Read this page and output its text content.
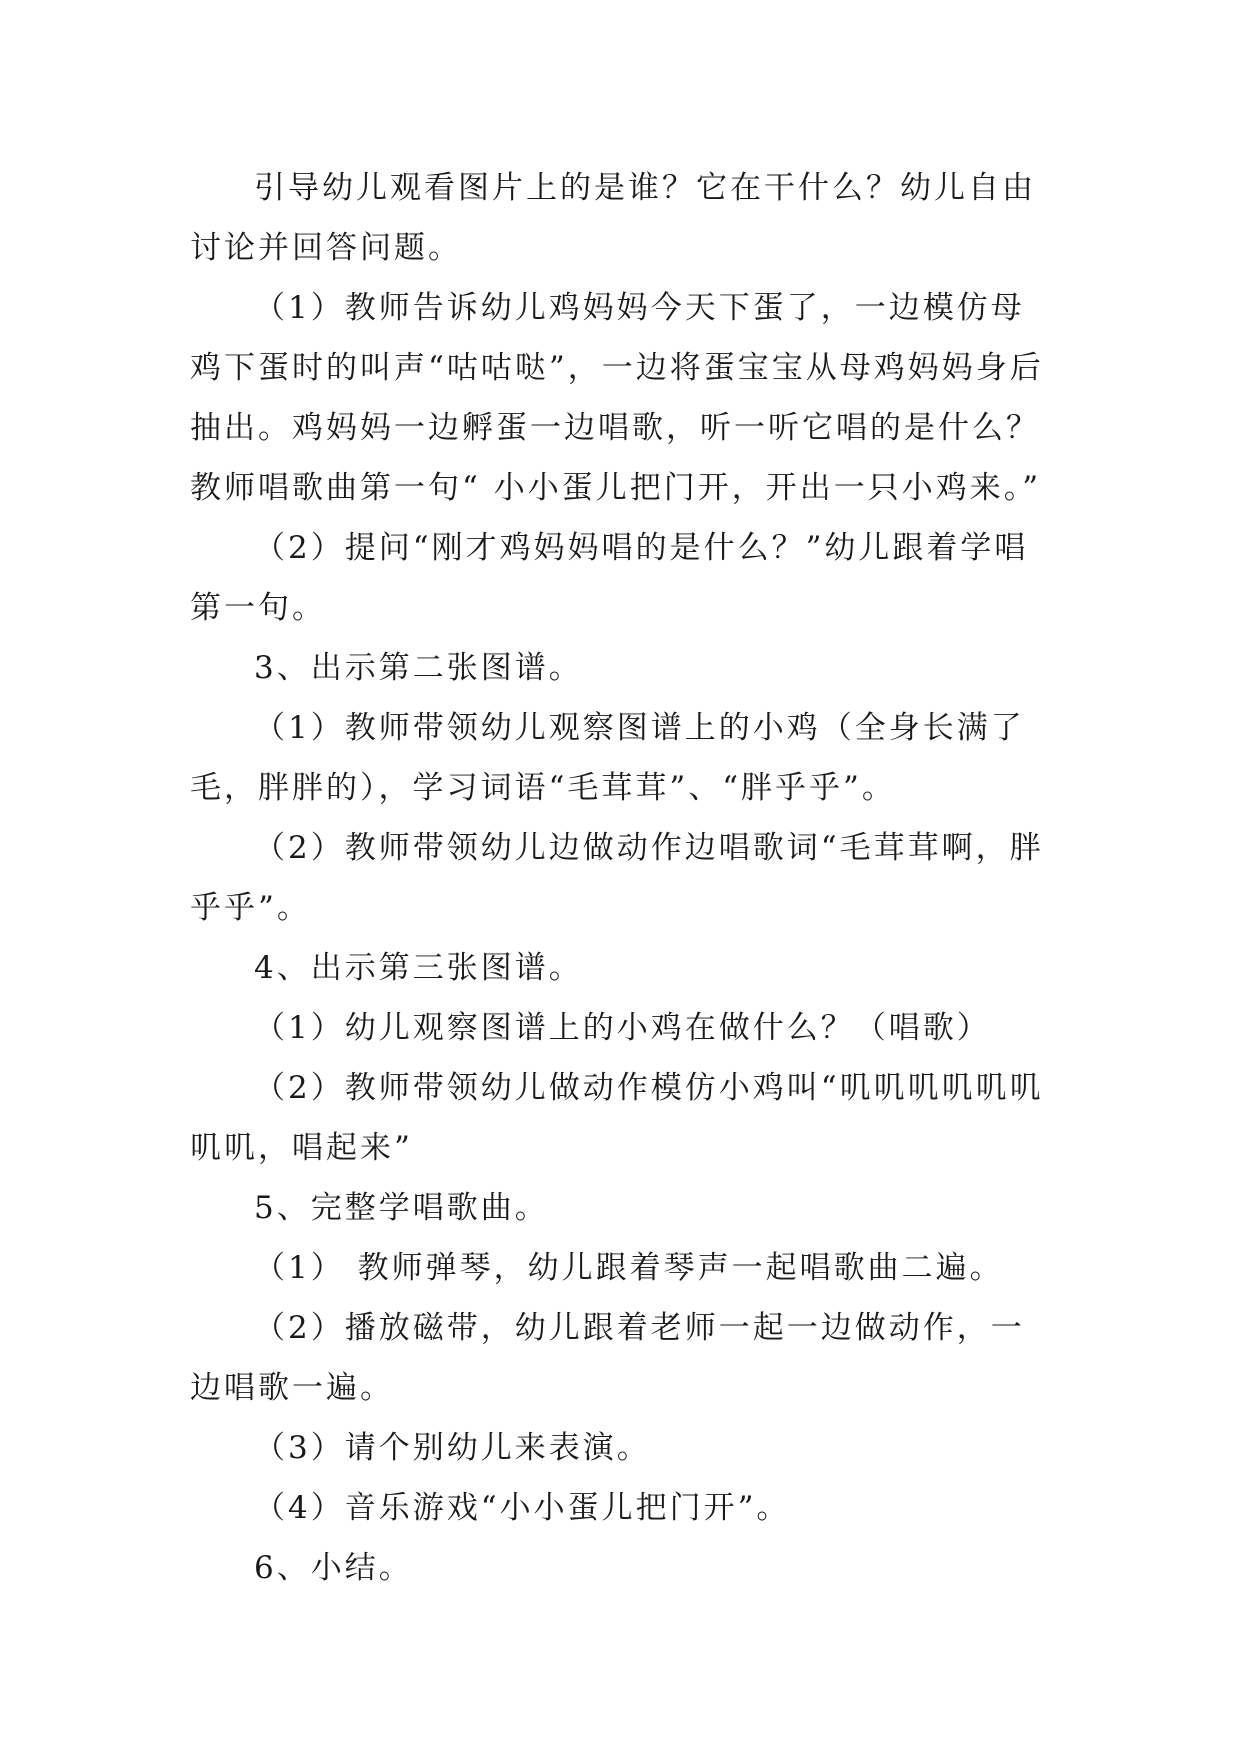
引导幼儿观看图片上的是谁？它在干什么？幼儿自由讨论并回答问题。

（1）教师告诉幼儿鸡妈妈今天下蛋了，一边模仿母鸡下蛋时的叫声“咕咕哒”，一边将蛋宝宝从母鸡妈妈身后抽出。鸡妈妈一边孵蛋一边唱歌，听一听它唱的是什么？教师唱歌曲第一句“ 小小蛋儿把门开，开出一只小鸡来。”

（2）提问“刚才鸡妈妈唱的是什么？”幼儿跟着学唱第一句。

3、出示第二张图谱。

（1）教师带领幼儿观察图谱上的小鸡（全身长满了毛，胖胖的），学习词语“毛茸茸”、“胖乎乎”。

（2）教师带领幼儿边做动作边唱歌词“毛茸茸啊，胖乎乎”。

4、出示第三张图谱。

（1）幼儿观察图谱上的小鸡在做什么？（唱歌）

（2）教师带领幼儿做动作模仿小鸡叫“叽叽叽叽叽叽叽叽，唱起来”

5、完整学唱歌曲。

（1） 教师弹琴，幼儿跟着琴声一起唱歌曲二遍。

（2）播放磁带，幼儿跟着老师一起一边做动作，一边唱歌一遍。

（3）请个别幼儿来表演。

（4）音乐游戏“小小蛋儿把门开”。

6、小结。
